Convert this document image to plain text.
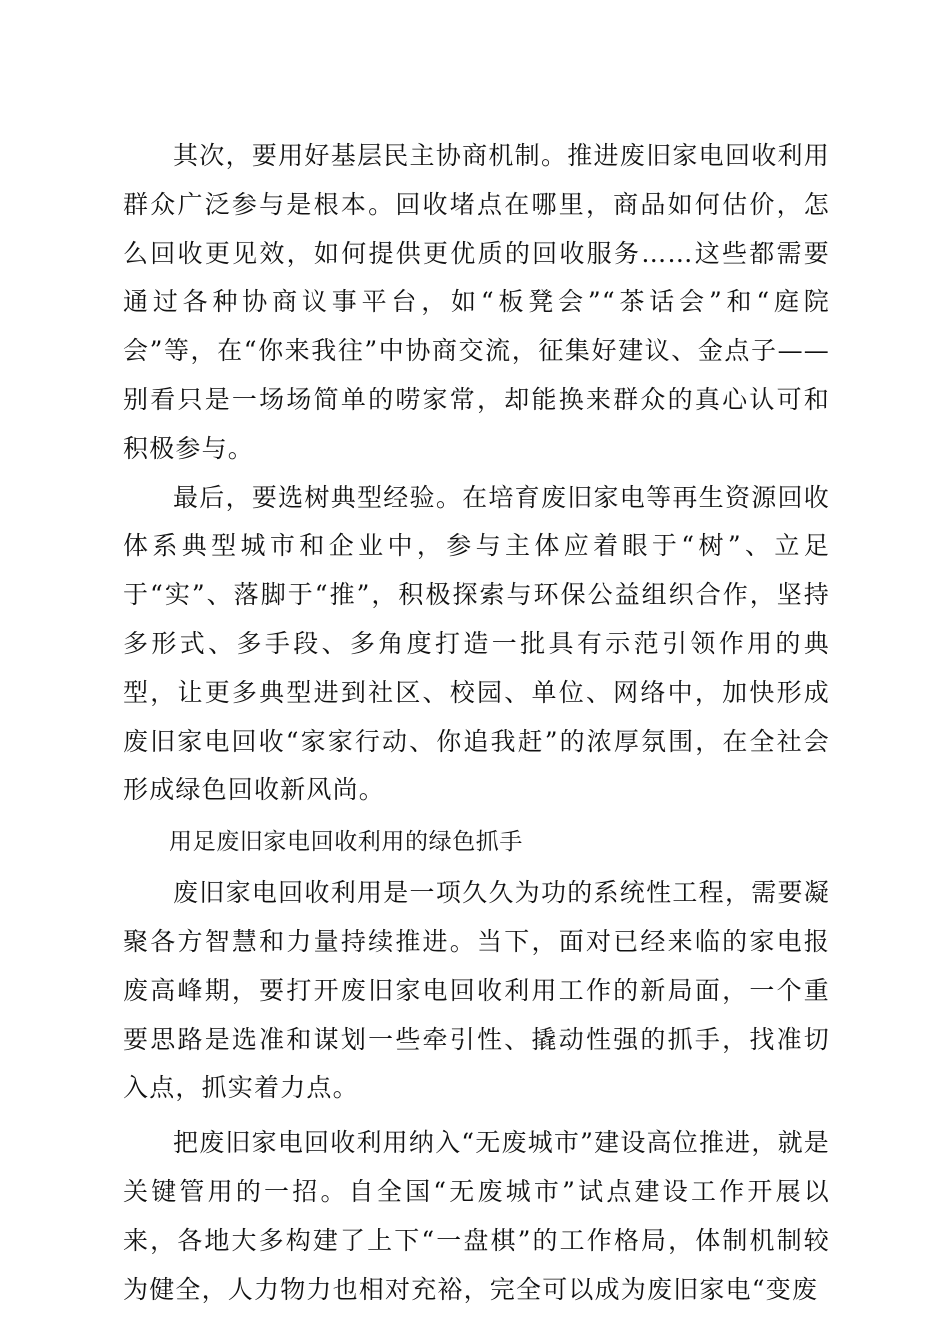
其次，要用好基层民主协商机制。推进废旧家电回收利用群众广泛参与是根本。回收堵点在哪里，商品如何估价，怎么回收更见效，如何提供更优质的回收服务……这些都需要通过各种协商议事平台，如“板凳会”“茶话会”和“庭院会”等，在“你来我往”中协商交流，征集好建议、金点子——别看只是一场场简单的唠家常，却能换来群众的真心认可和积极参与。

最后，要选树典型经验。在培育废旧家电等再生资源回收体系典型城市和企业中，参与主体应着眼于“树”、立足于“实”、落脚于“推”，积极探索与环保公益组织合作，坚持多形式、多手段、多角度打造一批具有示范引领作用的典型，让更多典型进到社区、校园、单位、网络中，加快形成废旧家电回收“家家行动、你追我赶”的浓厚氛围，在全社会形成绿色回收新风尚。

用足废旧家电回收利用的绿色抓手

废旧家电回收利用是一项久久为功的系统性工程，需要凝聚各方智慧和力量持续推进。当下，面对已经来临的家电报废高峰期，要打开废旧家电回收利用工作的新局面，一个重要思路是选准和谋划一些牵引性、撬动性强的抓手，找准切入点，抓实着力点。

把废旧家电回收利用纳入“无废城市”建设高位推进，就是关键管用的一招。自全国“无废城市”试点建设工作开展以来，各地大多构建了上下“一盘棋”的工作格局，体制机制较为健全，人力物力也相对充裕，完全可以成为废旧家电“变废
